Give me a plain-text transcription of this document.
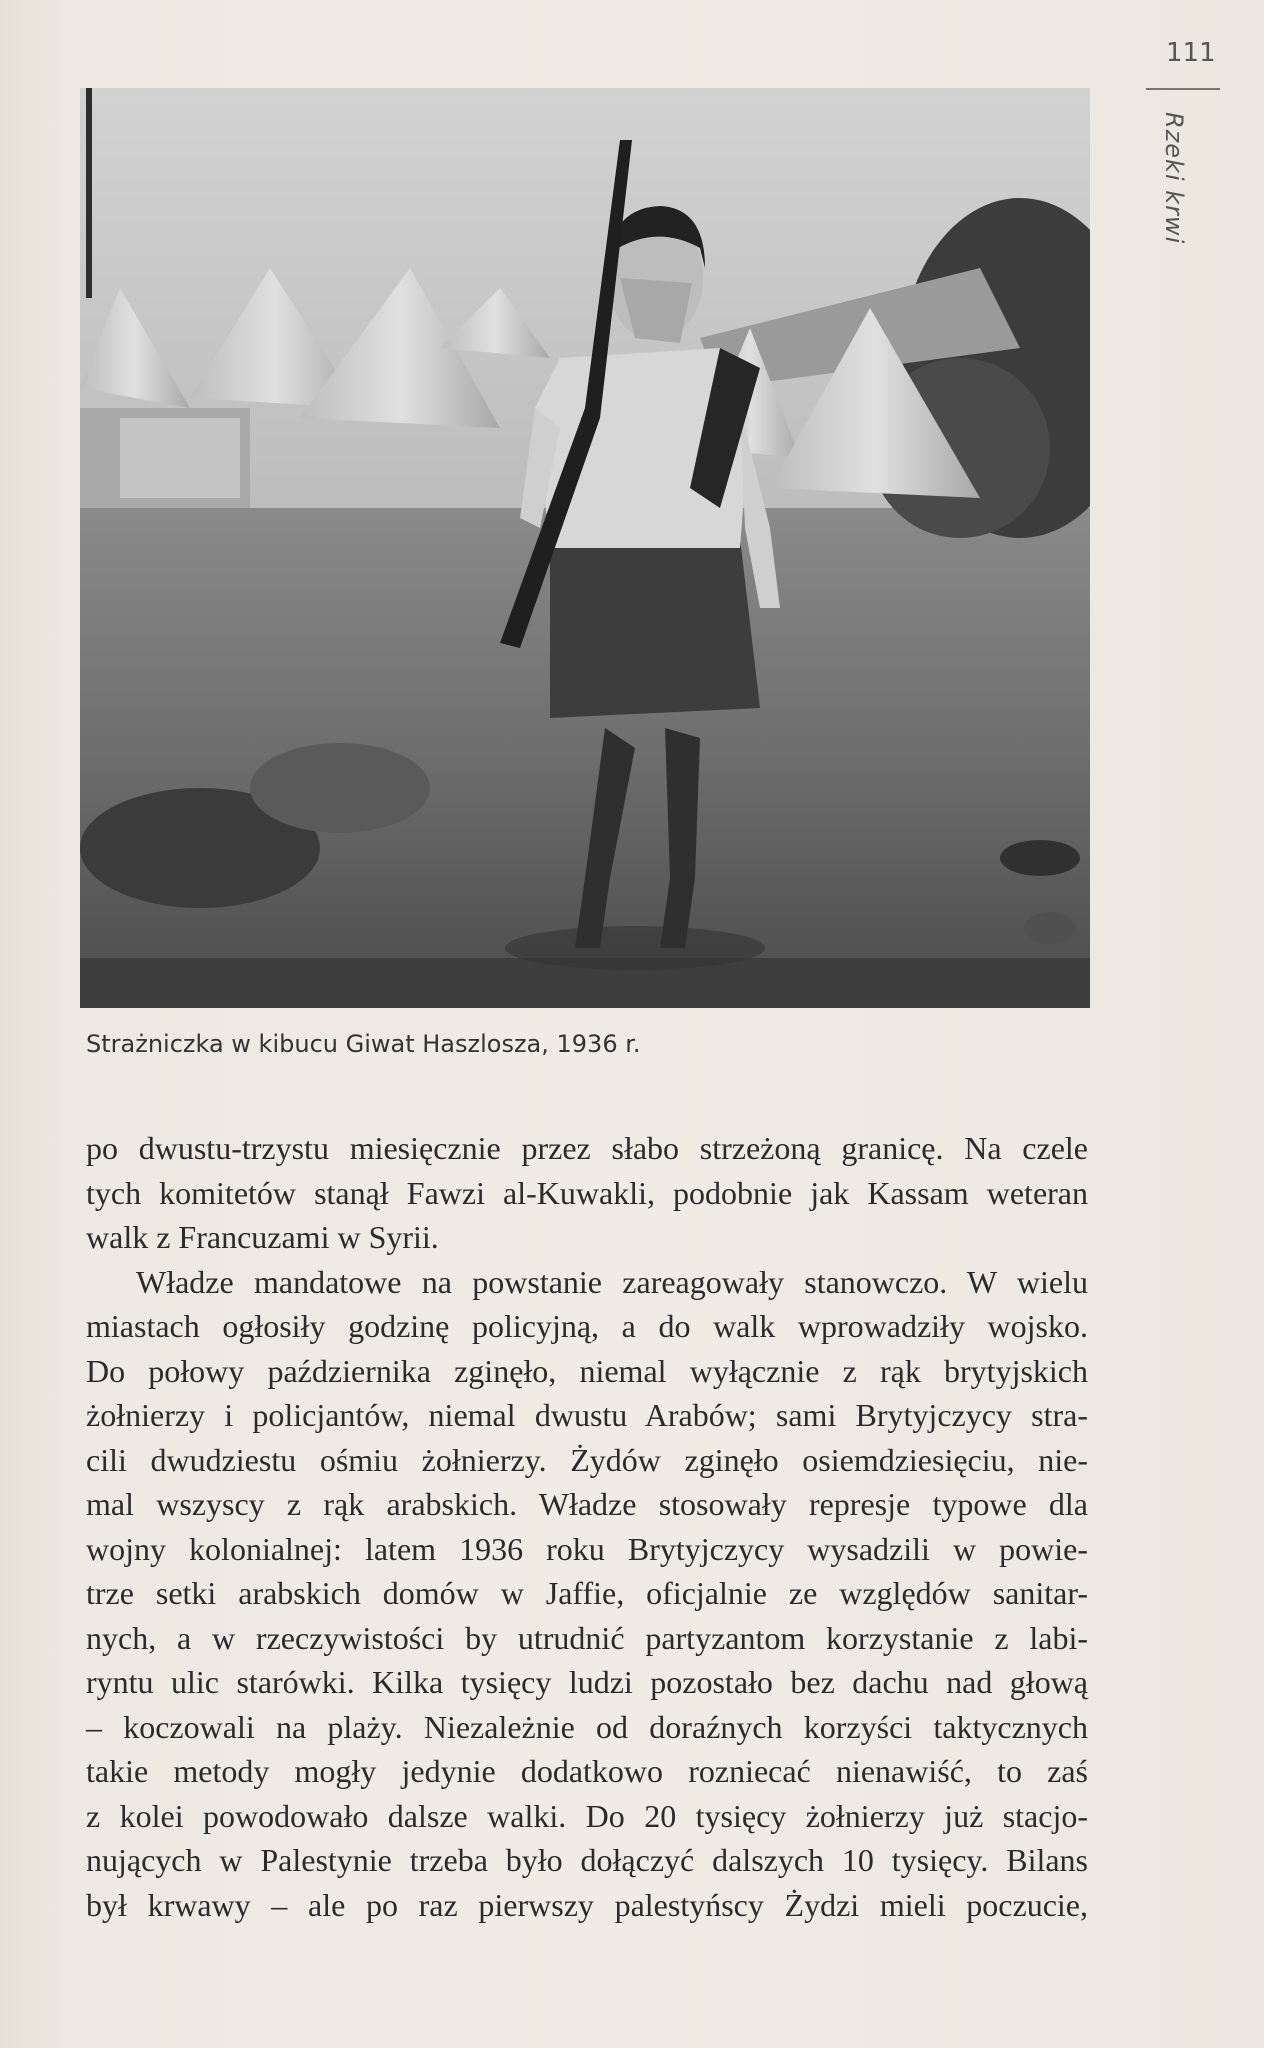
111
Rzeki krwi
Strażniczka w kibucu Giwat Haszlosza, 1936 r.
po dwustu-trzystu miesięcznie przez słabo strzeżoną granicę. Na czele
tych komitetów stanął Fawzi al-Kuwakli, podobnie jak Kassam weteran
walk z Francuzami w Syrii.
Władze mandatowe na powstanie zareagowały stanowczo. W wielu
miastach ogłosiły godzinę policyjną, a do walk wprowadziły wojsko.
Do połowy października zginęło, niemal wyłącznie z rąk brytyjskich
żołnierzy i policjantów, niemal dwustu Arabów; sami Brytyjczycy stra-
cili dwudziestu ośmiu żołnierzy. Żydów zginęło osiemdziesięciu, nie-
mal wszyscy z rąk arabskich. Władze stosowały represje typowe dla
wojny kolonialnej: latem 1936 roku Brytyjczycy wysadzili w powie-
trze setki arabskich domów w Jaffie, oficjalnie ze względów sanitar-
nych, a w rzeczywistości by utrudnić partyzantom korzystanie z labi-
ryntu ulic starówki. Kilka tysięcy ludzi pozostało bez dachu nad głową
– koczowali na plaży. Niezależnie od doraźnych korzyści taktycznych
takie metody mogły jedynie dodatkowo rozniecać nienawiść, to zaś
z kolei powodowało dalsze walki. Do 20 tysięcy żołnierzy już stacjo-
nujących w Palestynie trzeba było dołączyć dalszych 10 tysięcy. Bilans
był krwawy – ale po raz pierwszy palestyńscy Żydzi mieli poczucie,
